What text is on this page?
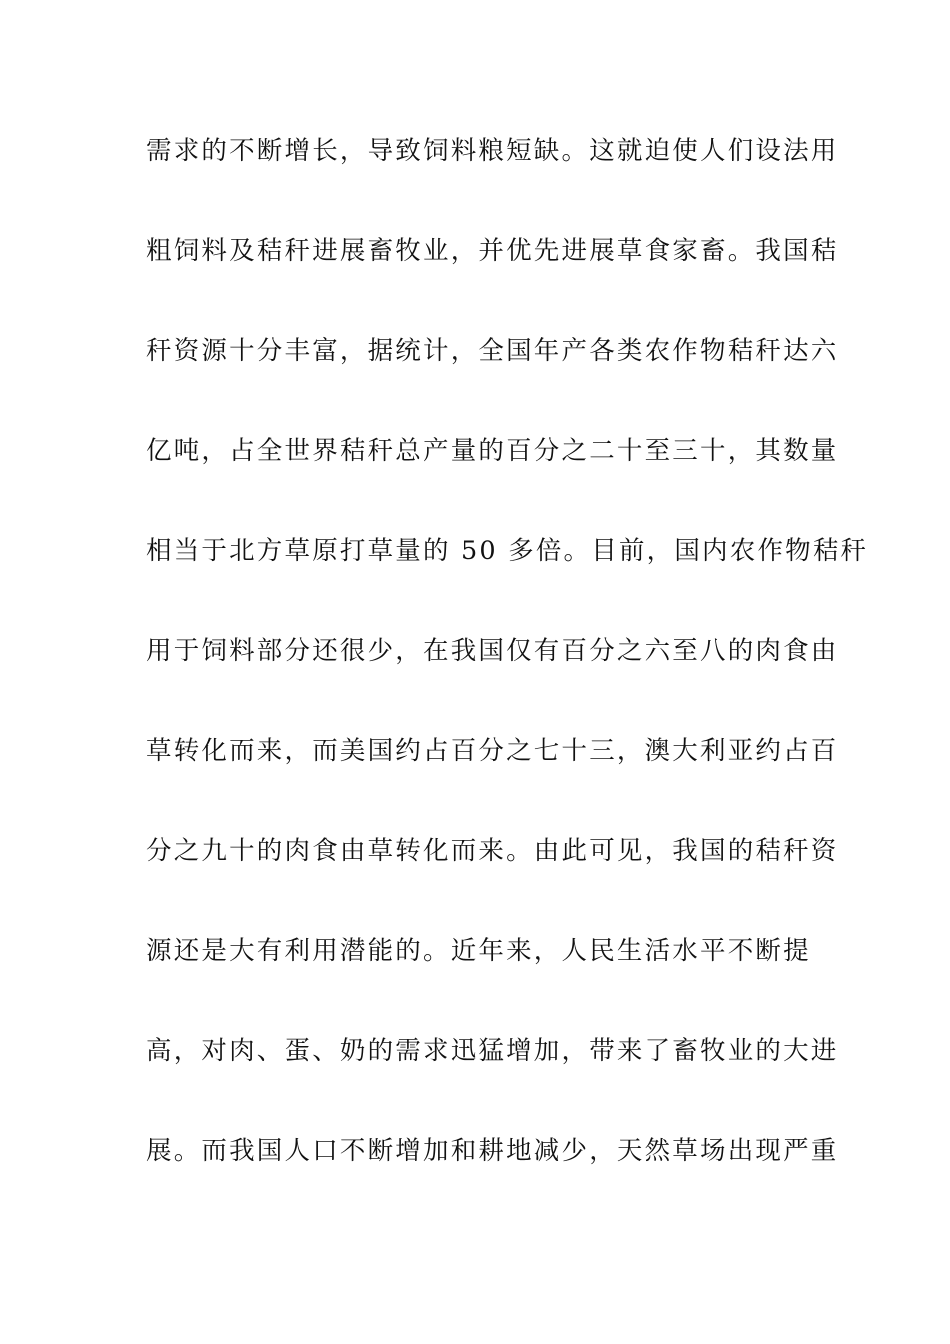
需求的不断增长，导致饲料粮短缺。这就迫使人们设法用
粗饲料及秸秆进展畜牧业，并优先进展草食家畜。我国秸
秆资源十分丰富，据统计，全国年产各类农作物秸秆达六
亿吨，占全世界秸秆总产量的百分之二十至三十，其数量
相当于北方草原打草量的 50 多倍。目前，国内农作物秸秆
用于饲料部分还很少，在我国仅有百分之六至八的肉食由
草转化而来，而美国约占百分之七十三，澳大利亚约占百
分之九十的肉食由草转化而来。由此可见，我国的秸秆资
源还是大有利用潜能的。近年来，人民生活水平不断提
高，对肉、蛋、奶的需求迅猛增加，带来了畜牧业的大进
展。而我国人口不断增加和耕地减少，天然草场出现严重
